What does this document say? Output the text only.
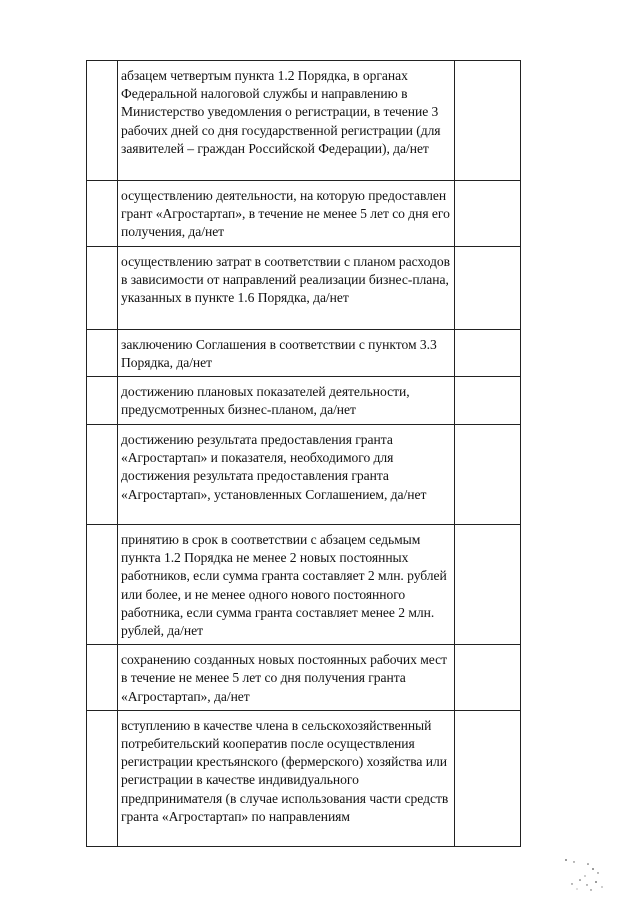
	абзацем четвертым пункта 1.2 Порядка, в органах Федеральной налоговой службы и направлению в Министерство уведомления о регистрации, в течение 3 рабочих дней со дня государственной регистрации (для заявителей – граждан Российской Федерации), да/нет	

	осуществлению деятельности, на которую предоставлен грант «Агростартап», в течение не менее 5 лет со дня его получения, да/нет	

	осуществлению затрат в соответствии с планом расходов в зависимости от направлений реализации бизнес-плана, указанных в пункте 1.6 Порядка, да/нет	

	заключению Соглашения в соответствии с пунктом 3.3 Порядка, да/нет	

	достижению плановых показателей деятельности, предусмотренных бизнес-планом, да/нет	

	достижению результата предоставления гранта «Агростартап» и показателя, необходимого для достижения результата предоставления гранта «Агростартап», установленных Соглашением, да/нет	

	принятию в срок в соответствии с абзацем седьмым пункта 1.2 Порядка не менее 2 новых постоянных работников, если сумма гранта составляет 2 млн. рублей или более, и не менее одного нового постоянного работника, если сумма гранта составляет менее 2 млн. рублей, да/нет	

	сохранению созданных новых постоянных рабочих мест в течение не менее 5 лет со дня получения гранта «Агростартап», да/нет	

	вступлению в качестве члена в сельскохозяйственный потребительский кооператив после осуществления регистрации крестьянского (фермерского) хозяйства или регистрации в качестве индивидуального предпринимателя (в случае использования части средств гранта «Агростартап» по направлениям	
